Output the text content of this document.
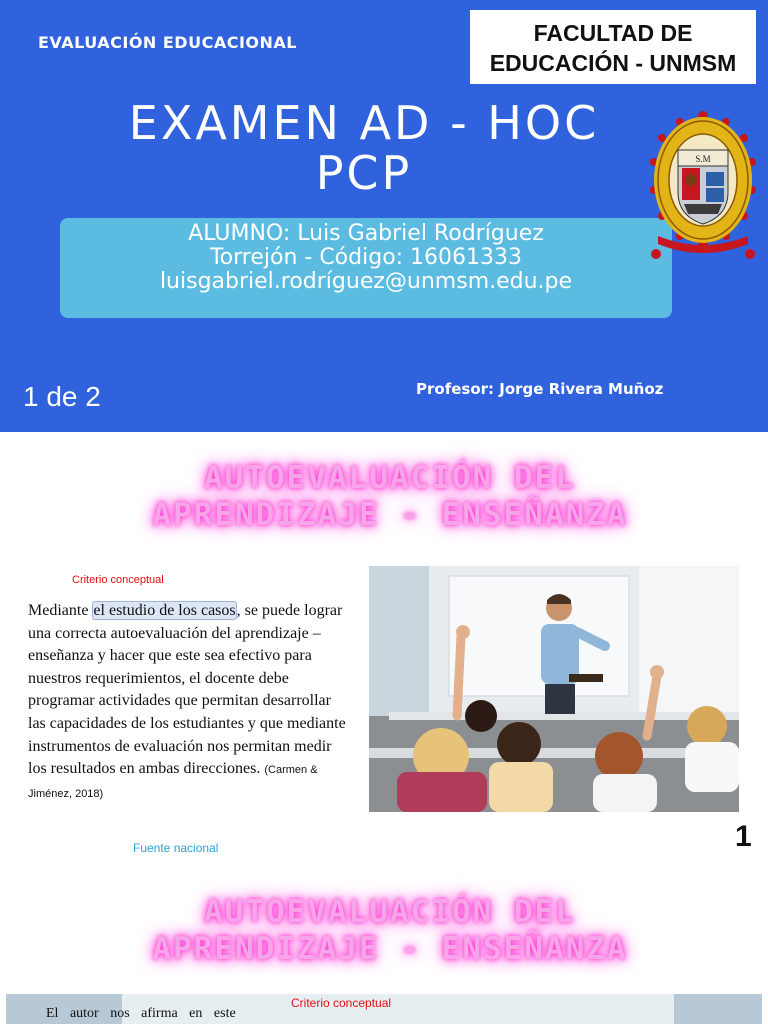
EVALUACIÓN EDUCACIONAL	FACULTAD DE
EDUCACIÓN - UNMSM
EXAMEN AD - HOC
PCP
ALUMNO: Luis Gabriel Rodríguez
Torrejón - Código: 16061333
luisgabriel.rodríguez@unmsm.edu.pe
S.M
1 de 2	Profesor: Jorge Rivera Muñoz
AUTOEVALUACIÓN DEL
APRENDIZAJE - ENSEÑANZA
Criterio conceptual

Mediante el estudio de los casos, se puede lograr una correcta autoevaluación del aprendizaje – enseñanza y hacer que este sea efectivo para nuestros requerimientos, el docente debe programar actividades que permitan desarrollar las capacidades de los estudiantes y que mediante instrumentos de evaluación nos permitan medir los resultados en ambas direcciones. (Carmen & Jiménez, 2018)

Fuente nacional	1
AUTOEVALUACIÓN DEL
APRENDIZAJE - ENSEÑANZA
El autor nos afirma en este
Criterio conceptual
